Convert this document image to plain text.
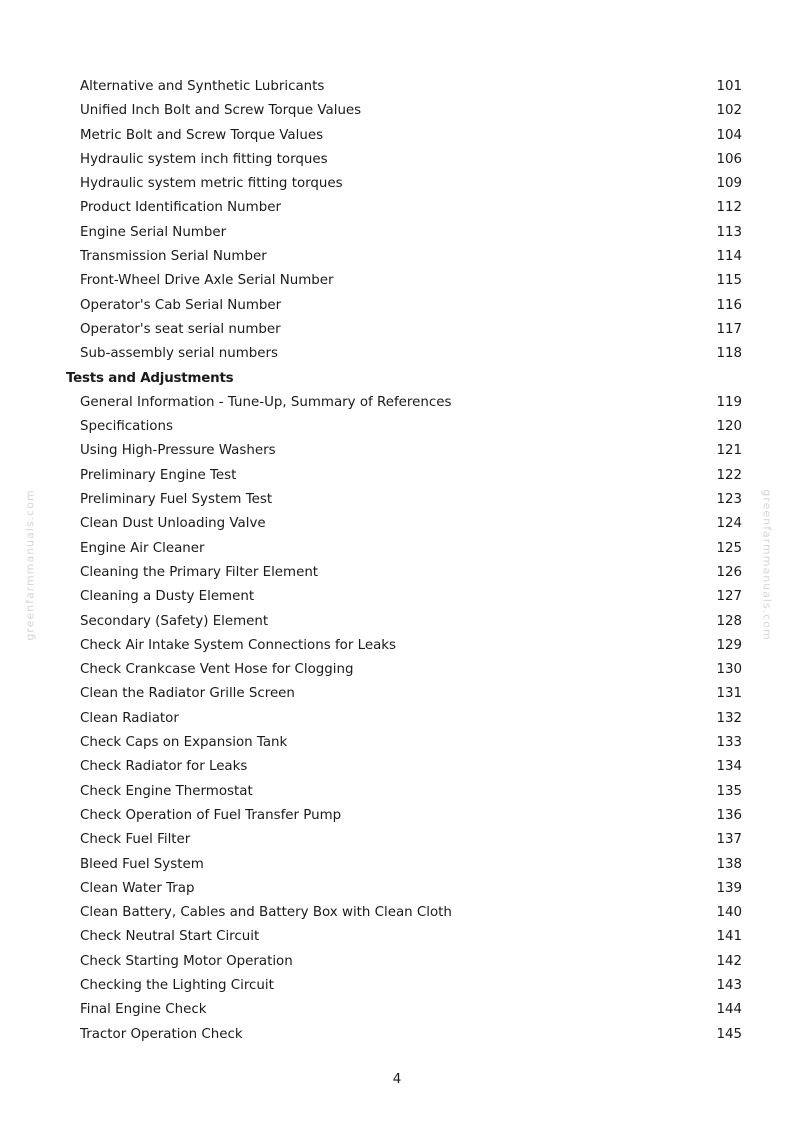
Alternative and Synthetic Lubricants	101
Unified Inch Bolt and Screw Torque Values	102
Metric Bolt and Screw Torque Values	104
Hydraulic system inch fitting torques	106
Hydraulic system metric fitting torques	109
Product Identification Number	112
Engine Serial Number	113
Transmission Serial Number	114
Front-Wheel Drive Axle Serial Number	115
Operator's Cab Serial Number	116
Operator's seat serial number	117
Sub-assembly serial numbers	118
Tests and Adjustments
General Information - Tune-Up, Summary of References	119
Specifications	120
Using High-Pressure Washers	121
Preliminary Engine Test	122
Preliminary Fuel System Test	123
Clean Dust Unloading Valve	124
Engine Air Cleaner	125
Cleaning the Primary Filter Element	126
Cleaning a Dusty Element	127
Secondary (Safety) Element	128
Check Air Intake System Connections for Leaks	129
Check Crankcase Vent Hose for Clogging	130
Clean the Radiator Grille Screen	131
Clean Radiator	132
Check Caps on Expansion Tank	133
Check Radiator for Leaks	134
Check Engine Thermostat	135
Check Operation of Fuel Transfer Pump	136
Check Fuel Filter	137
Bleed Fuel System	138
Clean Water Trap	139
Clean Battery, Cables and Battery Box with Clean Cloth	140
Check Neutral Start Circuit	141
Check Starting Motor Operation	142
Checking the Lighting Circuit	143
Final Engine Check	144
Tractor Operation Check	145
greenfarmmanuals.com	greenfarmmanuals.com
4
